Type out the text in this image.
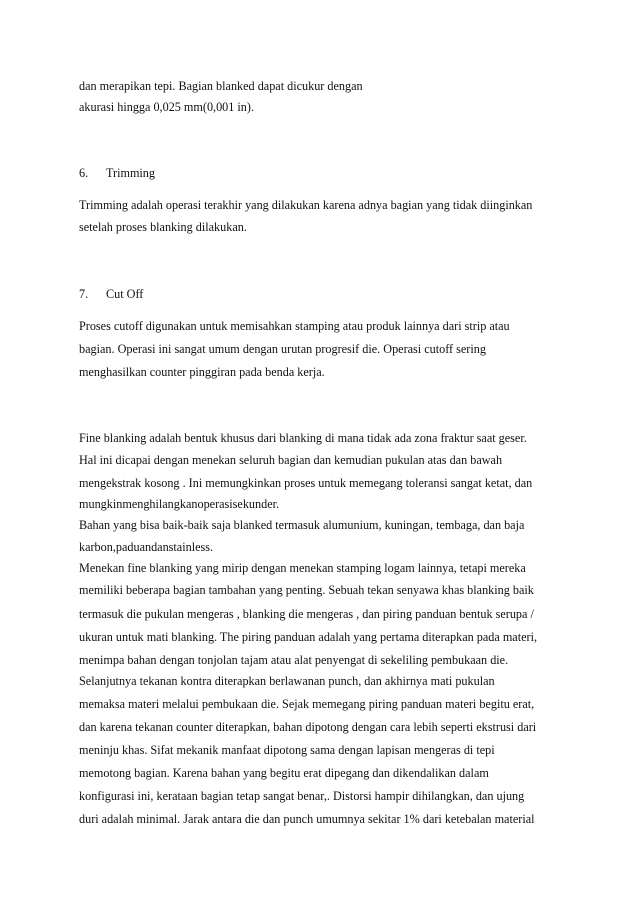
dan merapikan tepi. Bagian blanked dapat dicukur dengan
akurasi hingga 0,025 mm(0,001 in).
6. Trimming
Trimming adalah operasi terakhir yang dilakukan karena adnya bagian yang tidak diinginkan
setelah proses blanking dilakukan.
7. Cut Off
Proses cutoff digunakan untuk memisahkan stamping atau produk lainnya dari strip atau
bagian. Operasi ini sangat umum dengan urutan progresif die. Operasi cutoff sering
menghasilkan counter pinggiran pada benda kerja.
Fine blanking adalah bentuk khusus dari blanking di mana tidak ada zona fraktur saat geser.
Hal ini dicapai dengan menekan seluruh bagian dan kemudian pukulan atas dan bawah
mengekstrak kosong . Ini memungkinkan proses untuk memegang toleransi sangat ketat, dan
mungkinmenghilangkanoperasisekunder.
Bahan yang bisa baik-baik saja blanked termasuk alumunium, kuningan, tembaga, dan baja
karbon,paduandanstainless.
Menekan fine blanking yang mirip dengan menekan stamping logam lainnya, tetapi mereka
memiliki beberapa bagian tambahan yang penting. Sebuah tekan senyawa khas blanking baik
termasuk die pukulan mengeras , blanking die mengeras , dan piring panduan bentuk serupa /
ukuran untuk mati blanking. The piring panduan adalah yang pertama diterapkan pada materi,
menimpa bahan dengan tonjolan tajam atau alat penyengat di sekeliling pembukaan die.
Selanjutnya tekanan kontra diterapkan berlawanan punch, dan akhirnya mati pukulan
memaksa materi melalui pembukaan die. Sejak memegang piring panduan materi begitu erat,
dan karena tekanan counter diterapkan, bahan dipotong dengan cara lebih seperti ekstrusi dari
meninju khas. Sifat mekanik manfaat dipotong sama dengan lapisan mengeras di tepi
memotong bagian. Karena bahan yang begitu erat dipegang dan dikendalikan dalam
konfigurasi ini, kerataan bagian tetap sangat benar,. Distorsi hampir dihilangkan, dan ujung
duri adalah minimal. Jarak antara die dan punch umumnya sekitar 1% dari ketebalan material
